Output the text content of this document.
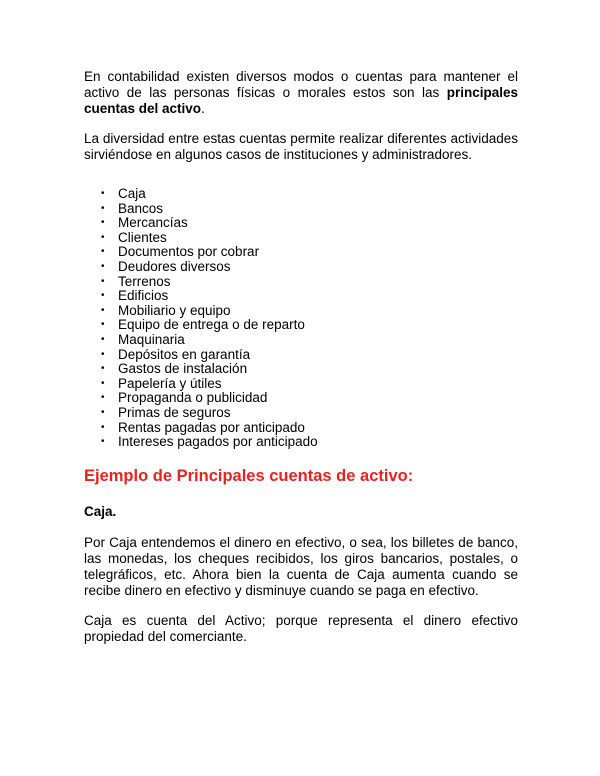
En contabilidad existen diversos modos o cuentas para mantener el activo de las personas físicas o morales estos son las principales cuentas del activo.

La diversidad entre estas cuentas permite realizar diferentes actividades sirviéndose en algunos casos de instituciones y administradores.

• Caja
• Bancos
• Mercancías
• Clientes
• Documentos por cobrar
• Deudores diversos
• Terrenos
• Edificios
• Mobiliario y equipo
• Equipo de entrega o de reparto
• Maquinaria
• Depósitos en garantía
• Gastos de instalación
• Papelería y útiles
• Propaganda o publicidad
• Primas de seguros
• Rentas pagadas por anticipado
• Intereses pagados por anticipado
Ejemplo de Principales cuentas de activo:

Caja.

Por Caja entendemos el dinero en efectivo, o sea, los billetes de banco, las monedas, los cheques recibidos, los giros bancarios, postales, o telegráficos, etc. Ahora bien la cuenta de Caja aumenta cuando se recibe dinero en efectivo y disminuye cuando se paga en efectivo.

Caja es cuenta del Activo; porque representa el dinero efectivo propiedad del comerciante.
